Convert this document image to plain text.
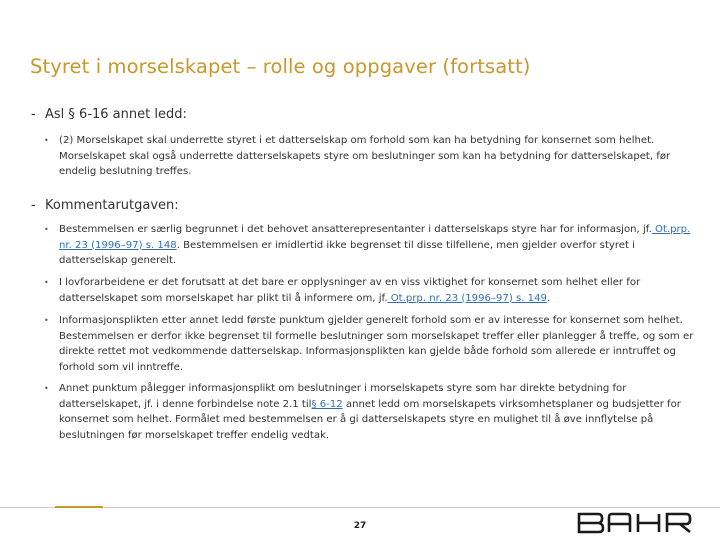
Styret i morselskapet – rolle og oppgaver (fortsatt)
- Asl § 6-16 annet ledd:
• (2) Morselskapet skal underrette styret i et datterselskap om forhold som kan ha betydning for konsernet som helhet. Morselskapet skal også underrette datterselskapets styre om beslutninger som kan ha betydning for datterselskapet, før endelig beslutning treffes.
- Kommentarutgaven:
• Bestemmelsen er særlig begrunnet i det behovet ansatterepresentanter i datterselskaps styre har for informasjon, jf. Ot.prp. nr. 23 (1996–97) s. 148. Bestemmelsen er imidlertid ikke begrenset til disse tilfellene, men gjelder overfor styret i datterselskap generelt.
• I lovforarbeidene er det forutsatt at det bare er opplysninger av en viss viktighet for konsernet som helhet eller for datterselskapet som morselskapet har plikt til å informere om, jf. Ot.prp. nr. 23 (1996–97) s. 149.
• Informasjonsplikten etter annet ledd første punktum gjelder generelt forhold som er av interesse for konsernet som helhet. Bestemmelsen er derfor ikke begrenset til formelle beslutninger som morselskapet treffer eller planlegger å treffe, og som er direkte rettet mot vedkommende datterselskap. Informasjonsplikten kan gjelde både forhold som allerede er inntruffet og forhold som vil inntreffe.
• Annet punktum pålegger informasjonsplikt om beslutninger i morselskapets styre som har direkte betydning for datterselskapet, jf. i denne forbindelse note 2.1 til§ 6-12 annet ledd om morselskapets virksomhetsplaner og budsjetter for konsernet som helhet. Formålet med bestemmelsen er å gi datterselskapets styre en mulighet til å øve innflytelse på beslutningen før morselskapet treffer endelig vedtak.
27
